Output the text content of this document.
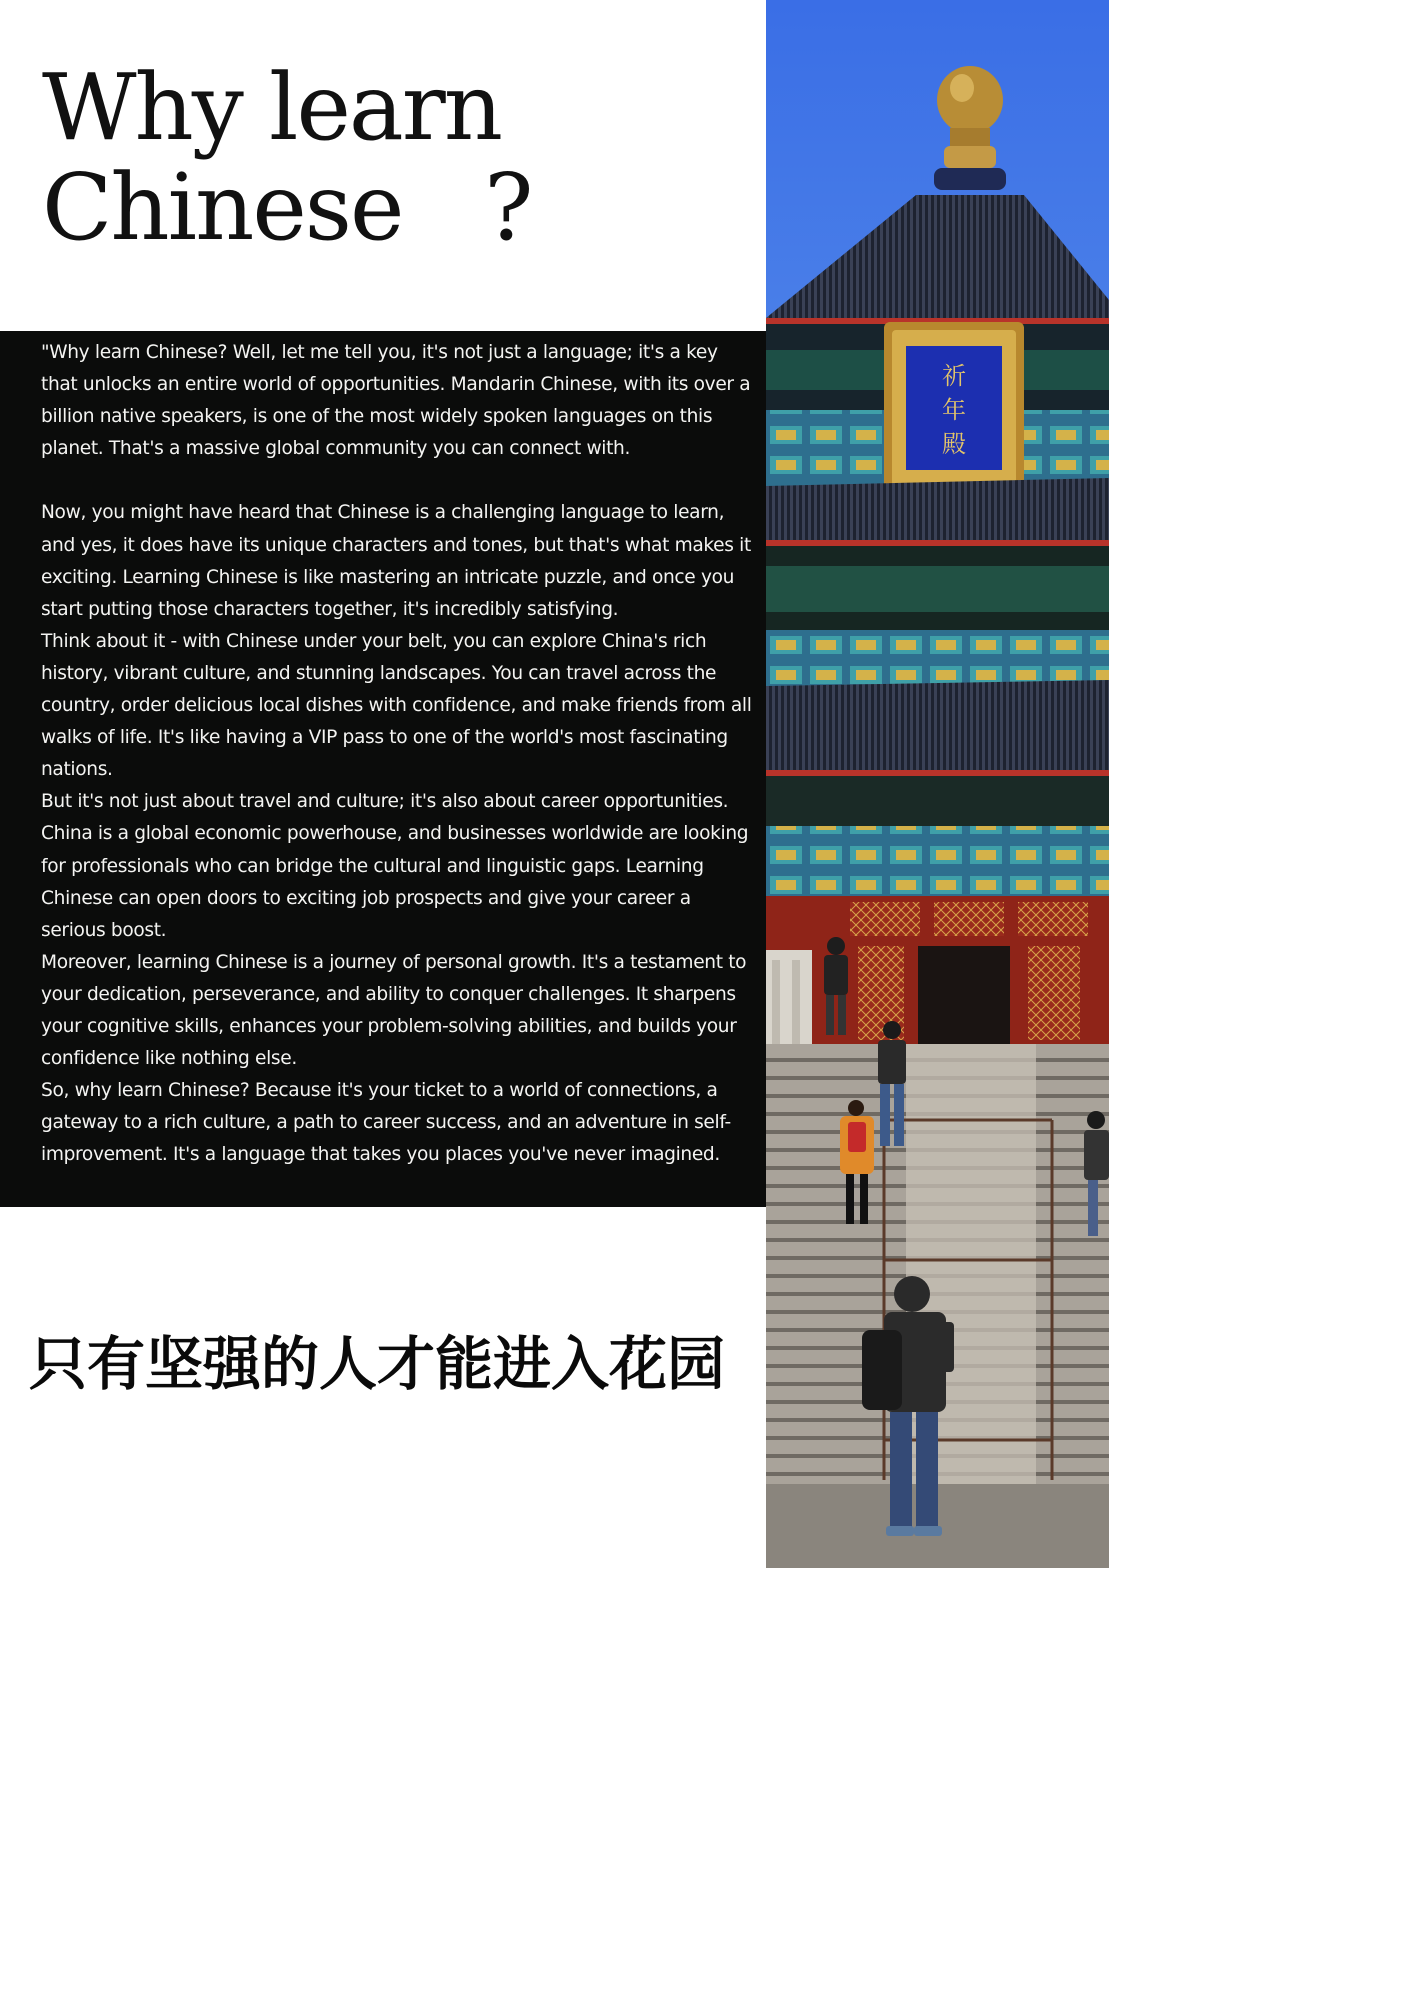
Why learn
Chinese   ?

"Why learn Chinese? Well, let me tell you, it's not just a language; it's a key that unlocks an entire world of opportunities. Mandarin Chinese, with its over a billion native speakers, is one of the most widely spoken languages on this planet. That's a massive global community you can connect with.

Now, you might have heard that Chinese is a challenging language to learn, and yes, it does have its unique characters and tones, but that's what makes it exciting. Learning Chinese is like mastering an intricate puzzle, and once you start putting those characters together, it's incredibly satisfying.

Think about it - with Chinese under your belt, you can explore China's rich history, vibrant culture, and stunning landscapes. You can travel across the country, order delicious local dishes with confidence, and make friends from all walks of life. It's like having a VIP pass to one of the world's most fascinating nations.

But it's not just about travel and culture; it's also about career opportunities. China is a global economic powerhouse, and businesses worldwide are looking for professionals who can bridge the cultural and linguistic gaps. Learning Chinese can open doors to exciting job prospects and give your career a serious boost.

Moreover, learning Chinese is a journey of personal growth. It's a testament to your dedication, perseverance, and ability to conquer challenges. It sharpens your cognitive skills, enhances your problem-solving abilities, and builds your confidence like nothing else.

So, why learn Chinese? Because it's your ticket to a world of connections, a gateway to a rich culture, a path to career success, and an adventure in self-improvement. It's a language that takes you places you've never imagined.

只有坚强的人才能进入花园
祈
年
殿
